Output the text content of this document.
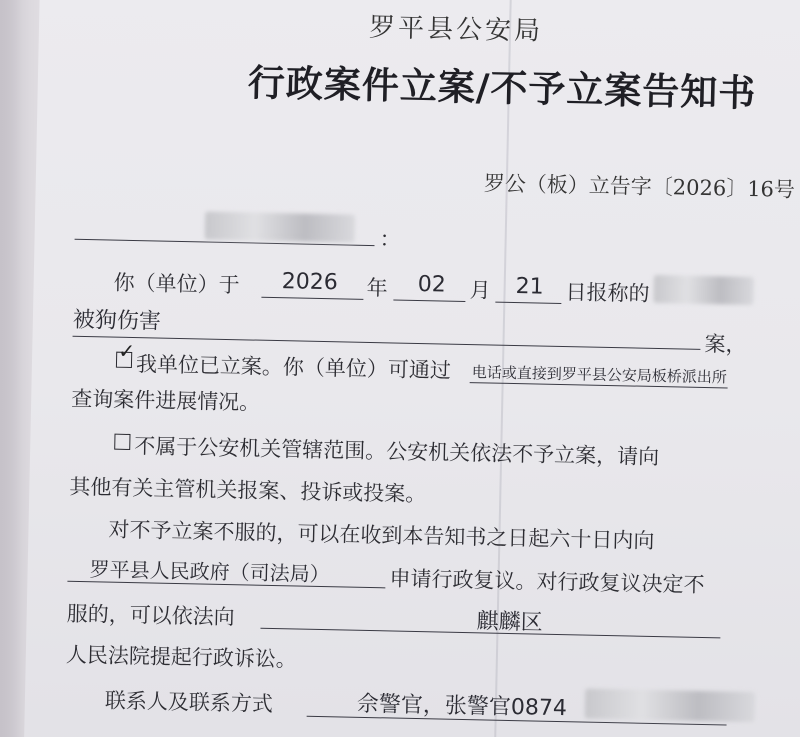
罗平县公安局
行政案件立案/不予立案告知书
罗公（板）立告字〔2026〕16号
：
你（单位）于 2026 年 02 月 21 日报称的
被狗伤害
案，
✓
我单位已立案。你（单位）可通过 电话或直接到罗平县公安局板桥派出所
查询案件进展情况。
不属于公安机关管辖范围。公安机关依法不予立案，请向
其他有关主管机关报案、投诉或投案。
对不予立案不服的，可以在收到本告知书之日起六十日内向
罗平县人民政府（司法局）	申请行政复议。对行政复议决定不
服的，可以依法向	麒麟区
人民法院提起行政诉讼。
联系人及联系方式	佘警官，张警官0874
